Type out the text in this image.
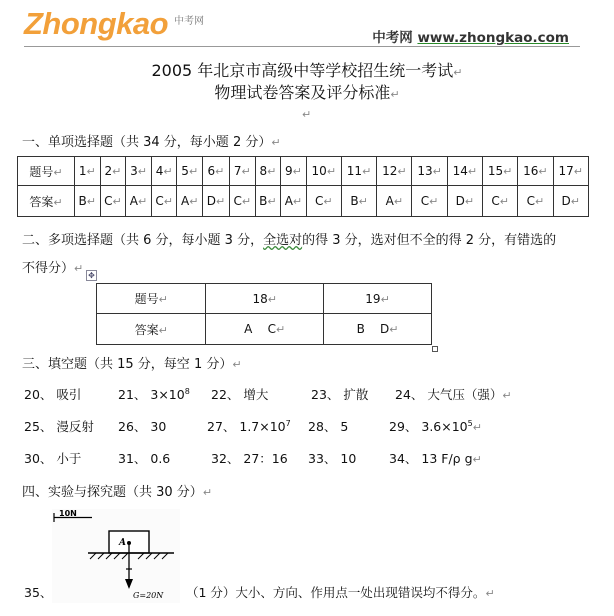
Zhongkao 中考网
中考网 www.zhongkao.com
2005 年北京市高级中等学校招生统一考试↵
物理试卷答案及评分标准↵
↵
一、单项选择题（共 34 分，每小题 2 分）↵
题号↵	1↵	2↵	3↵	4↵	5↵	6↵	7↵	8↵	9↵	10↵	11↵	12↵	13↵	14↵	15↵	16↵	17↵
答案↵	B↵	C↵	A↵	C↵	A↵	D↵	C↵	B↵	A↵	C↵	B↵	A↵	C↵	D↵	C↵	C↵	D↵
二、多项选择题（共 6 分，每小题 3 分，全选对的得 3 分，选对但不全的得 2 分，有错选的
不得分）↵
✥
题号↵	18↵	19↵
答案↵	A    C↵	B    D↵
三、填空题（共 15 分，每空 1 分）↵
20、 吸引	21、 $3\times 10^8$ 22、 增大	23、 扩散 24、 大气压（强）↵
25、 漫反射 26、 30	27、 $1.7\times 10^7$ 28、 5	29、 $3.6\times 10^5↵$
30、 小于	31、 0.6	32、 27：16 33、 10	34、 13 F/ρ g↵
四、实验与探究题（共 30 分）↵
10N
A
G=20N
35、	（1 分）大小、方向、作用点一处出现错误均不得分。↵
